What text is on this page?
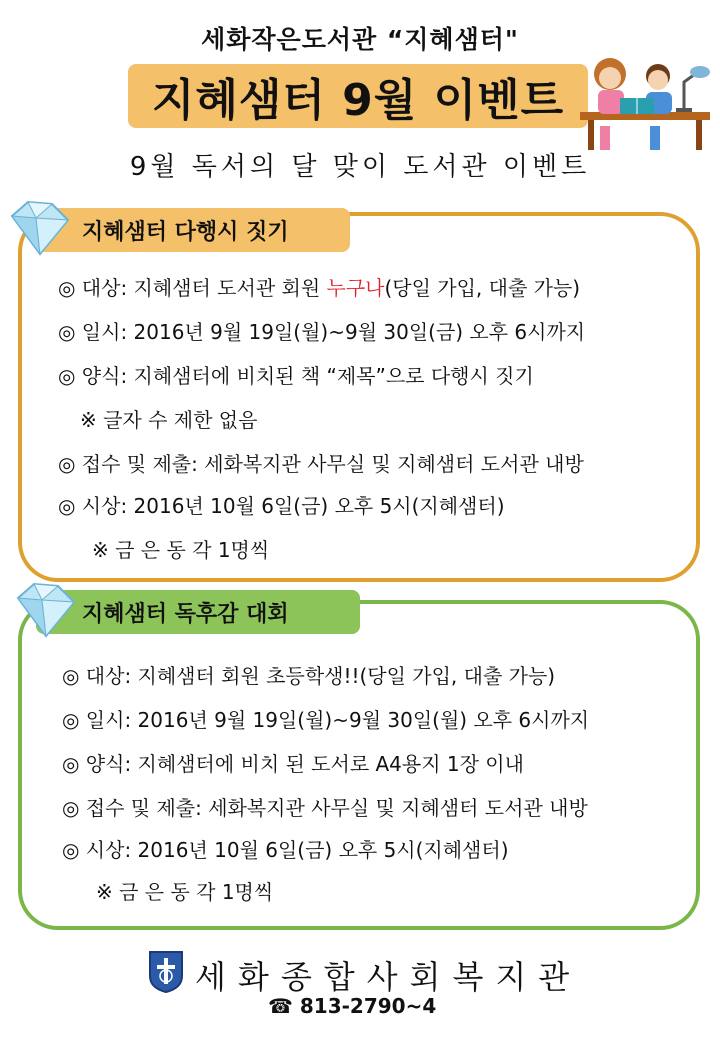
세화작은도서관 “지혜샘터"
지혜샘터 9월 이벤트
9월 독서의 달 맞이 도서관 이벤트
지혜샘터 다행시 짓기
◎ 대상: 지혜샘터 도서관 회원 누구나(당일 가입, 대출 가능)
◎ 일시: 2016년 9월 19일(월)~9월 30일(금) 오후 6시까지
◎ 양식: 지혜샘터에 비치된 책 “제목”으로 다행시 짓기
※ 글자 수 제한 없음
◎ 접수 및 제출: 세화복지관 사무실 및 지혜샘터 도서관 내방
◎ 시상: 2016년 10월 6일(금) 오후 5시(지혜샘터)
※ 금 은 동 각 1명씩
지혜샘터 독후감 대회
◎ 대상: 지혜샘터 회원 초등학생!!(당일 가입, 대출 가능)
◎ 일시: 2016년 9월 19일(월)~9월 30일(월) 오후 6시까지
◎ 양식: 지혜샘터에 비치 된 도서로 A4용지 1장 이내
◎ 접수 및 제출: 세화복지관 사무실 및 지혜샘터 도서관 내방
◎ 시상: 2016년 10월 6일(금) 오후 5시(지혜샘터)
※ 금 은 동 각 1명씩
세화종합사회복지관
☎ 813-2790~4
